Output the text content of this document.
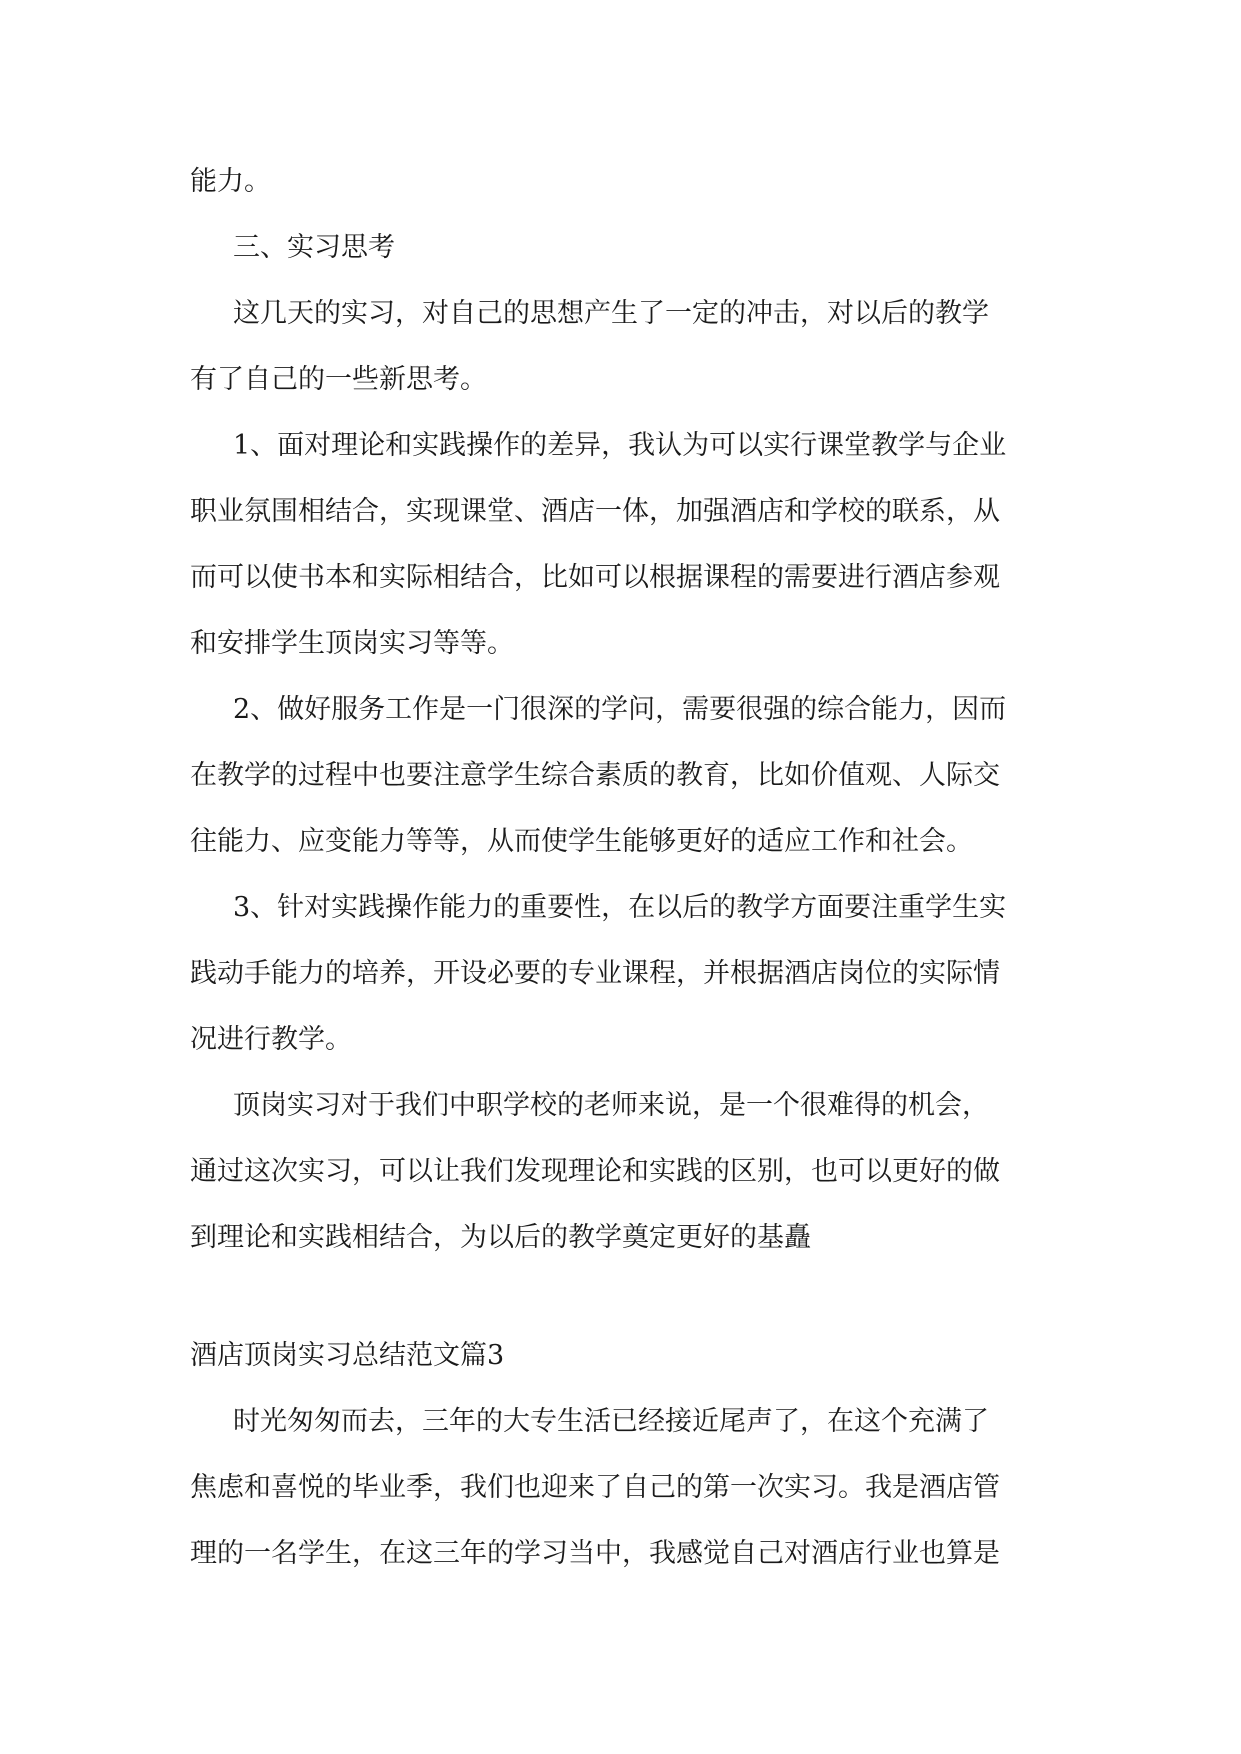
能力。

三、实习思考

这几天的实习，对自己的思想产生了一定的冲击，对以后的教学

有了自己的一些新思考。

1、面对理论和实践操作的差异，我认为可以实行课堂教学与企业

职业氛围相结合，实现课堂、酒店一体，加强酒店和学校的联系，从

而可以使书本和实际相结合，比如可以根据课程的需要进行酒店参观

和安排学生顶岗实习等等。

2、做好服务工作是一门很深的学问，需要很强的综合能力，因而

在教学的过程中也要注意学生综合素质的教育，比如价值观、人际交

往能力、应变能力等等，从而使学生能够更好的适应工作和社会。

3、针对实践操作能力的重要性，在以后的教学方面要注重学生实

践动手能力的培养，开设必要的专业课程，并根据酒店岗位的实际情

况进行教学。

顶岗实习对于我们中职学校的老师来说，是一个很难得的机会，

通过这次实习，可以让我们发现理论和实践的区别，也可以更好的做

到理论和实践相结合，为以后的教学奠定更好的基矗

酒店顶岗实习总结范文篇3

时光匆匆而去，三年的大专生活已经接近尾声了，在这个充满了

焦虑和喜悦的毕业季，我们也迎来了自己的第一次实习。我是酒店管

理的一名学生，在这三年的学习当中，我感觉自己对酒店行业也算是
